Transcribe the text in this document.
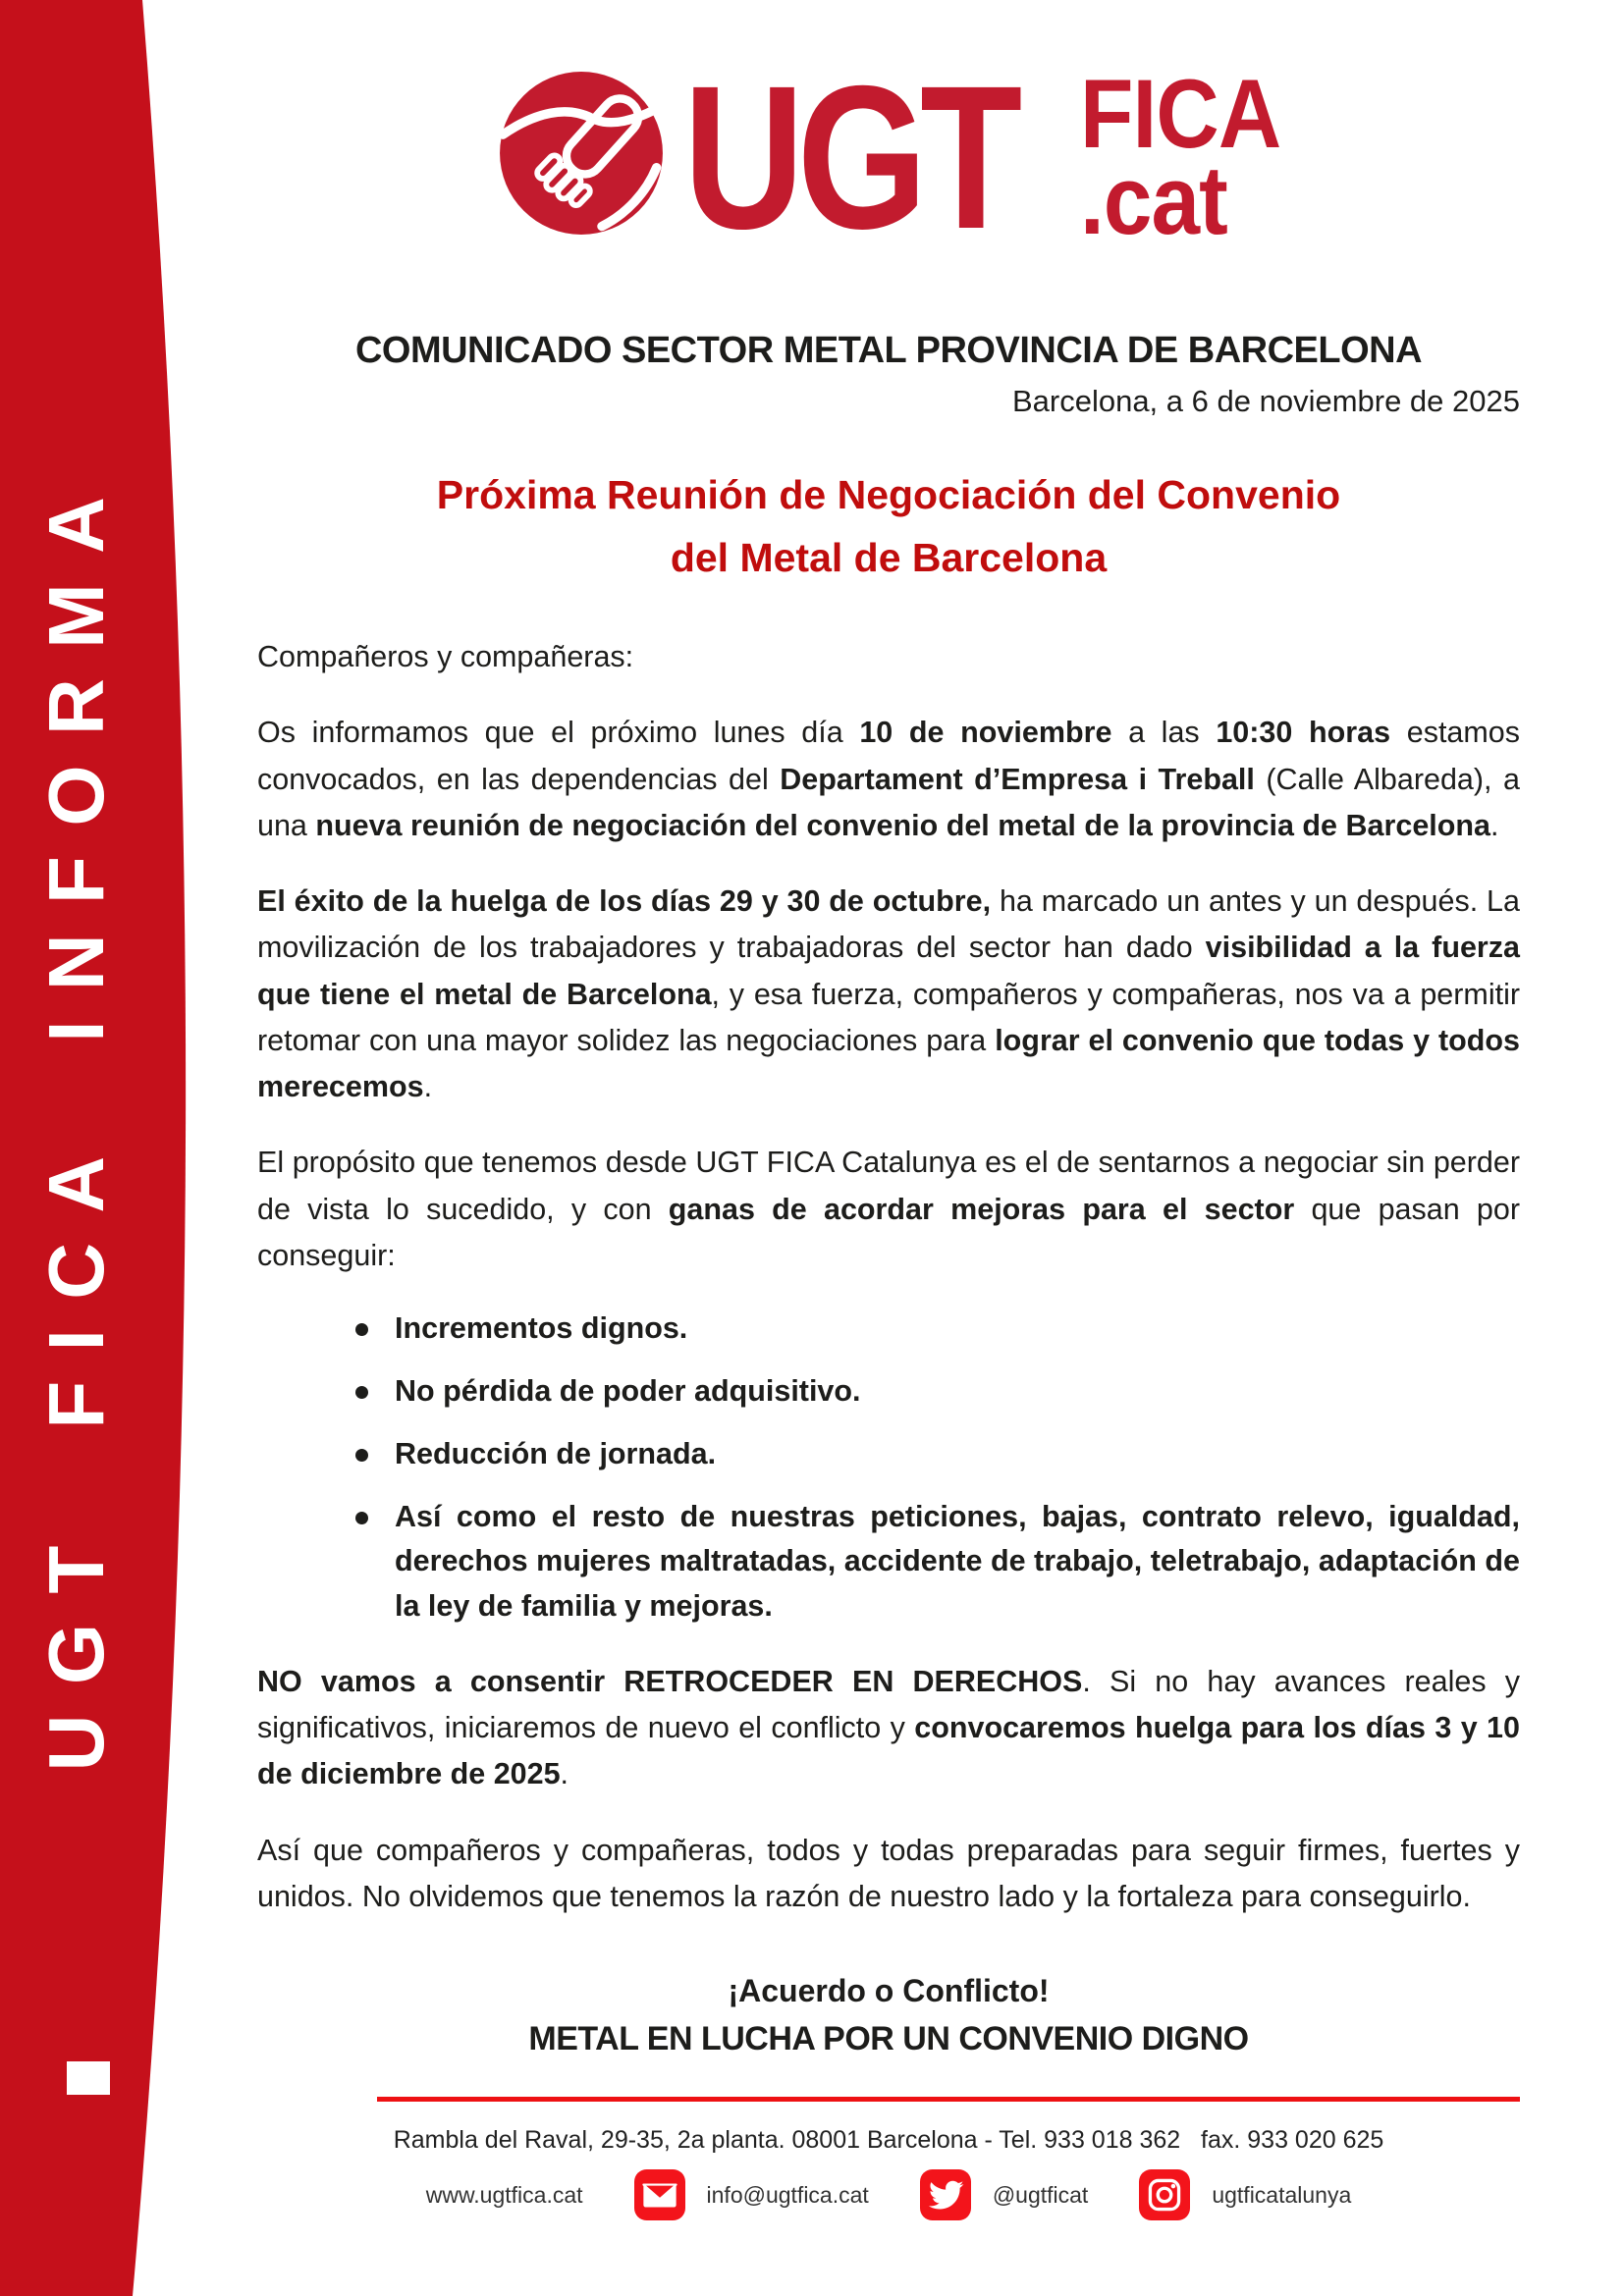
UGT FICA INFORMA
UGT FICA
.cat
COMUNICADO SECTOR METAL PROVINCIA DE BARCELONA
Barcelona, a 6 de noviembre de 2025
Próxima Reunión de Negociación del Convenio
del Metal de Barcelona

Compañeros y compañeras:

Os informamos que el próximo lunes día 10 de noviembre a las 10:30 horas estamos convocados, en las dependencias del Departament d’Empresa i Treball (Calle Albareda), a una nueva reunión de negociación del convenio del metal de la provincia de Barcelona.

El éxito de la huelga de los días 29 y 30 de octubre, ha marcado un antes y un después. La movilización de los trabajadores y trabajadoras del sector han dado visibilidad a la fuerza que tiene el metal de Barcelona, y esa fuerza, compañeros y compañeras, nos va a permitir retomar con una mayor solidez las negociaciones para lograr el convenio que todas y todos merecemos.

El propósito que tenemos desde UGT FICA Catalunya es el de sentarnos a negociar sin perder de vista lo sucedido, y con ganas de acordar mejoras para el sector que pasan por conseguir:

Incrementos dignos.
No pérdida de poder adquisitivo.
Reducción de jornada.
Así como el resto de nuestras peticiones, bajas, contrato relevo, igualdad, derechos mujeres maltratadas, accidente de trabajo, teletrabajo, adaptación de la ley de familia y mejoras.

NO vamos a consentir RETROCEDER EN DERECHOS. Si no hay avances reales y significativos, iniciaremos de nuevo el conflicto y convocaremos huelga para los días 3 y 10 de diciembre de 2025.

Así que compañeros y compañeras, todos y todas preparadas para seguir firmes, fuertes y unidos. No olvidemos que tenemos la razón de nuestro lado y la fortaleza para conseguirlo.

¡Acuerdo o Conflicto!
METAL EN LUCHA POR UN CONVENIO DIGNO
Rambla del Raval, 29-35, 2a planta. 08001 Barcelona - Tel. 933 018 362   fax. 933 020 625
www.ugtfica.cat	info@ugtfica.cat	@ugtficat	ugtficatalunya
